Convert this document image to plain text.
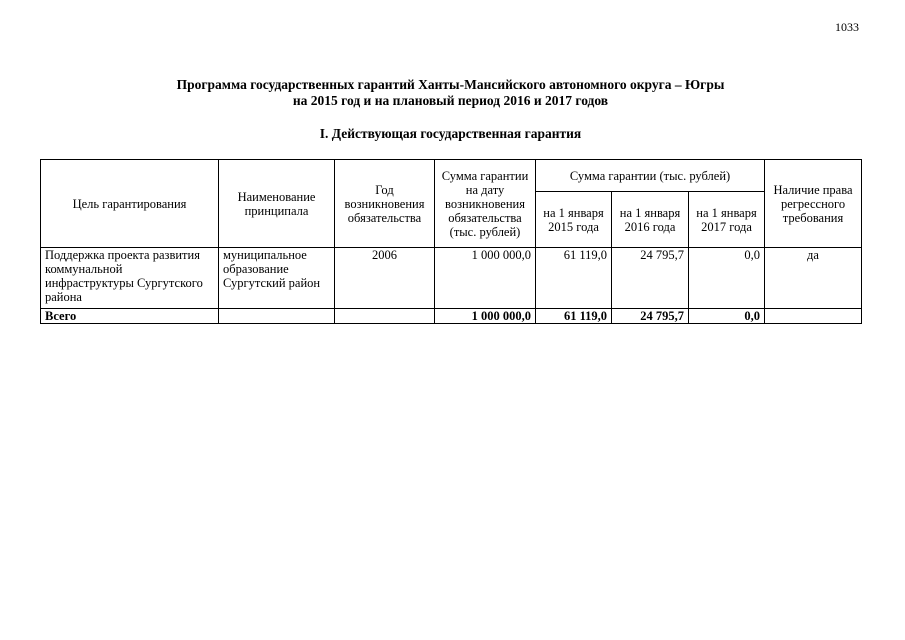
1033
Программа государственных гарантий Ханты-Мансийского автономного округа – Югры
на 2015 год и на плановый период 2016 и 2017 годов
I. Действующая государственная гарантия
Цель гарантирования	Наименование принципала	Год возникновения обязательства	Сумма гарантии на дату возникновения обязательства (тыс. рублей)	Сумма гарантии (тыс. рублей)			Наличие права регрессного требования
				на 1 января 2015 года	на 1 января 2016 года	на 1 января 2017 года	
Поддержка проекта развития коммунальной инфраструктуры Сургутского района	муниципальное образование Сургутский район	2006	1 000 000,0	61 119,0	24 795,7	0,0	да
Всего			1 000 000,0	61 119,0	24 795,7	0,0	
